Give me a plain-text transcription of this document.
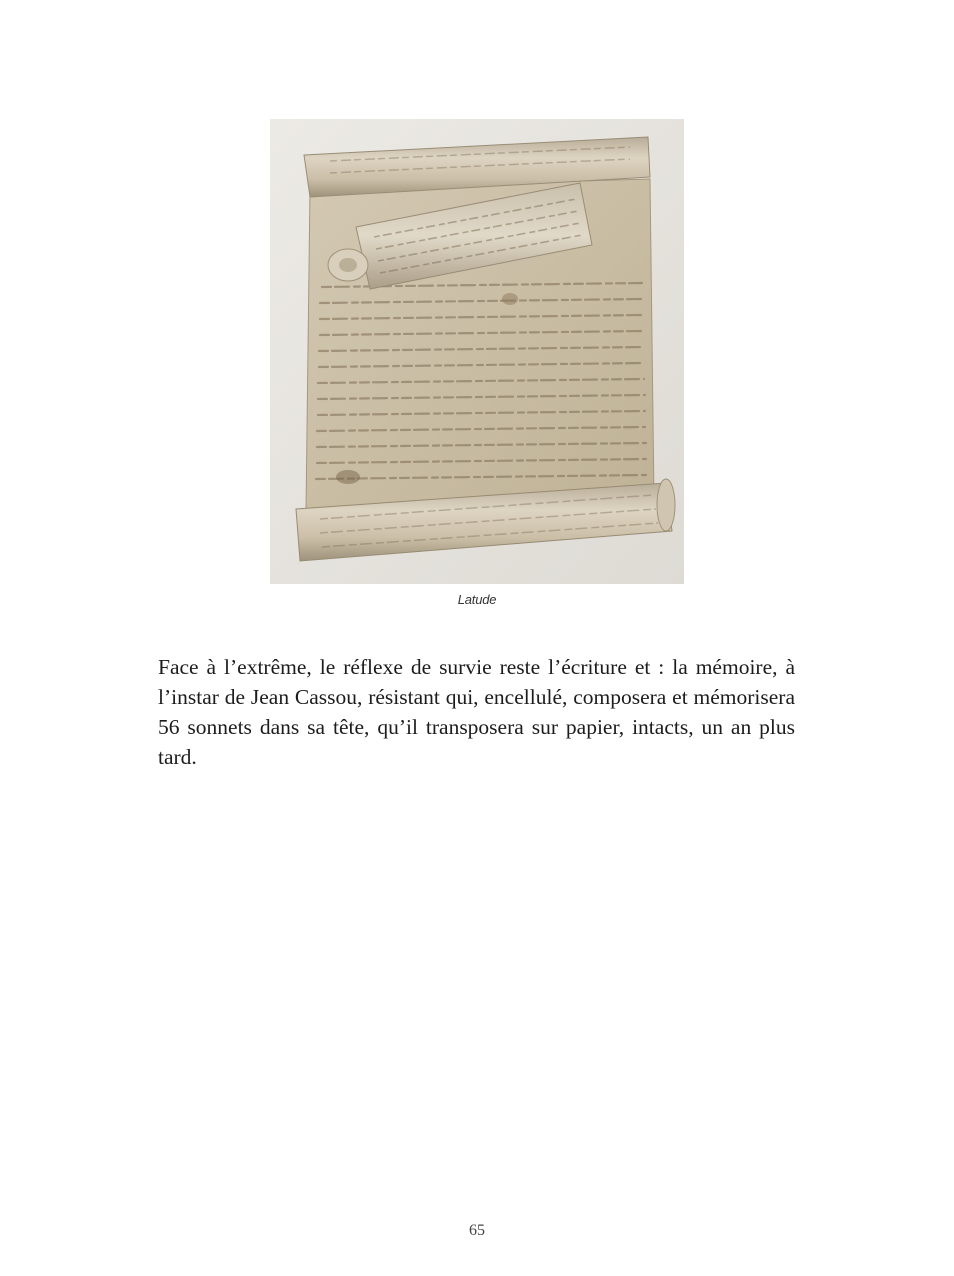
Latude

Face à l’extrême, le réflexe de survie reste l’écriture et : la mémoire, à l’instar de Jean Cassou, résistant qui, encellulé, composera et mémorisera 56 sonnets dans sa tête, qu’il transposera sur papier, intacts, un an plus tard.

65
